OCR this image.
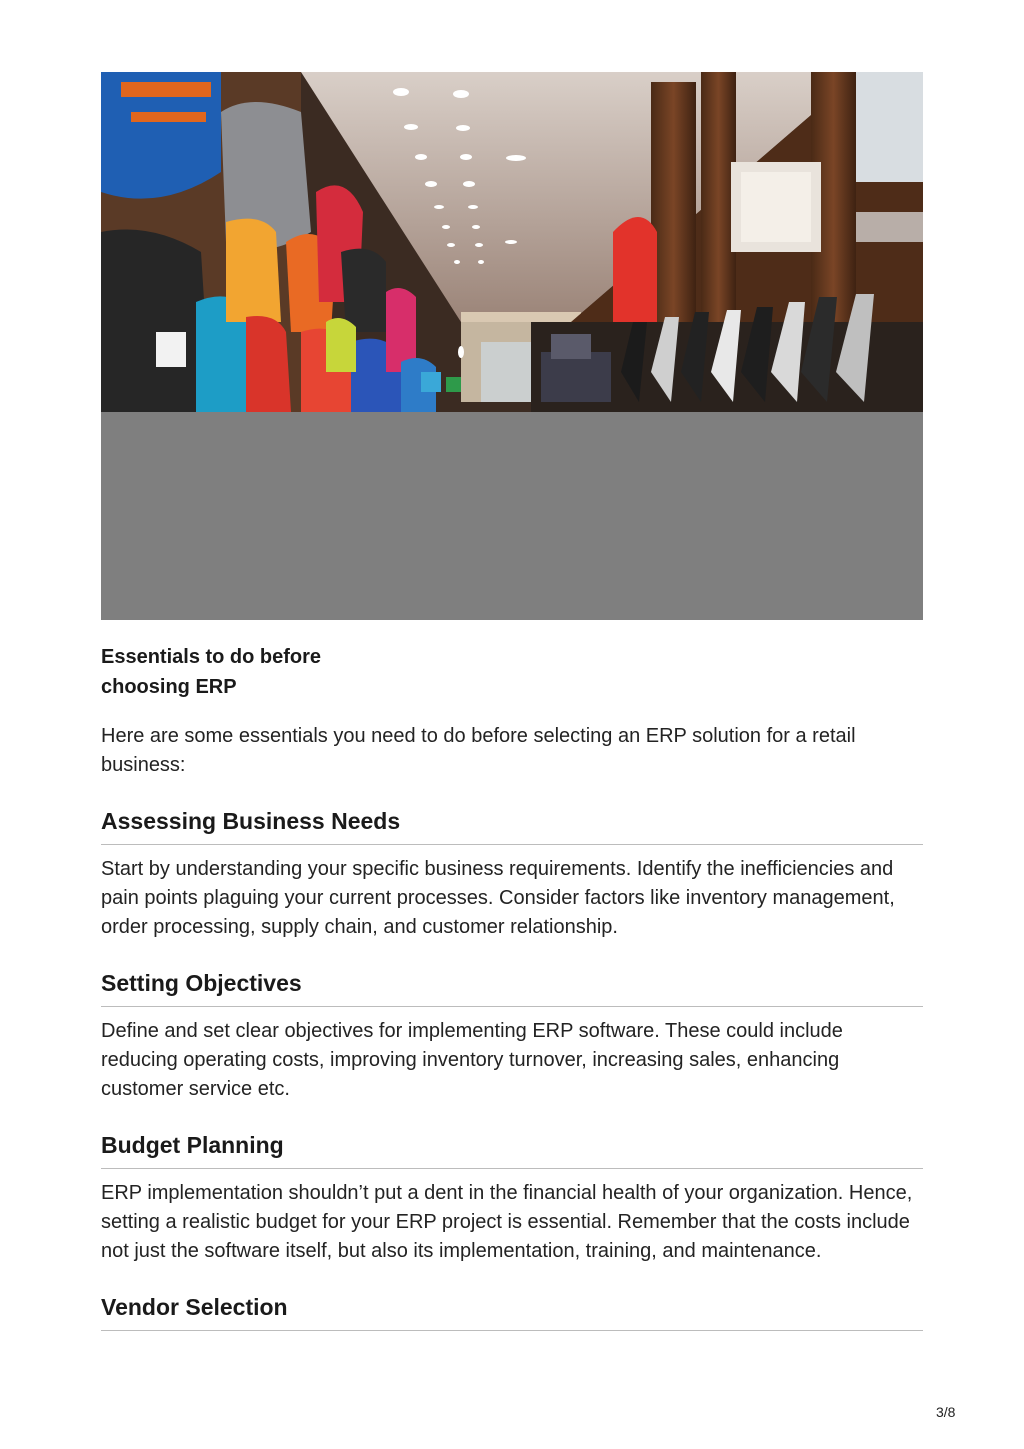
Essentials to do before
choosing ERP

Here are some essentials you need to do before selecting an ERP solution for a retail business:

Assessing Business Needs

Start by understanding your specific business requirements. Identify the inefficiencies and pain points plaguing your current processes. Consider factors like inventory management, order processing, supply chain, and customer relationship.

Setting Objectives

Define and set clear objectives for implementing ERP software. These could include reducing operating costs, improving inventory turnover, increasing sales, enhancing customer service etc.

Budget Planning

ERP implementation shouldn’t put a dent in the financial health of your organization. Hence, setting a realistic budget for your ERP project is essential. Remember that the costs include not just the software itself, but also its implementation, training, and maintenance.

Vendor Selection
3/8
